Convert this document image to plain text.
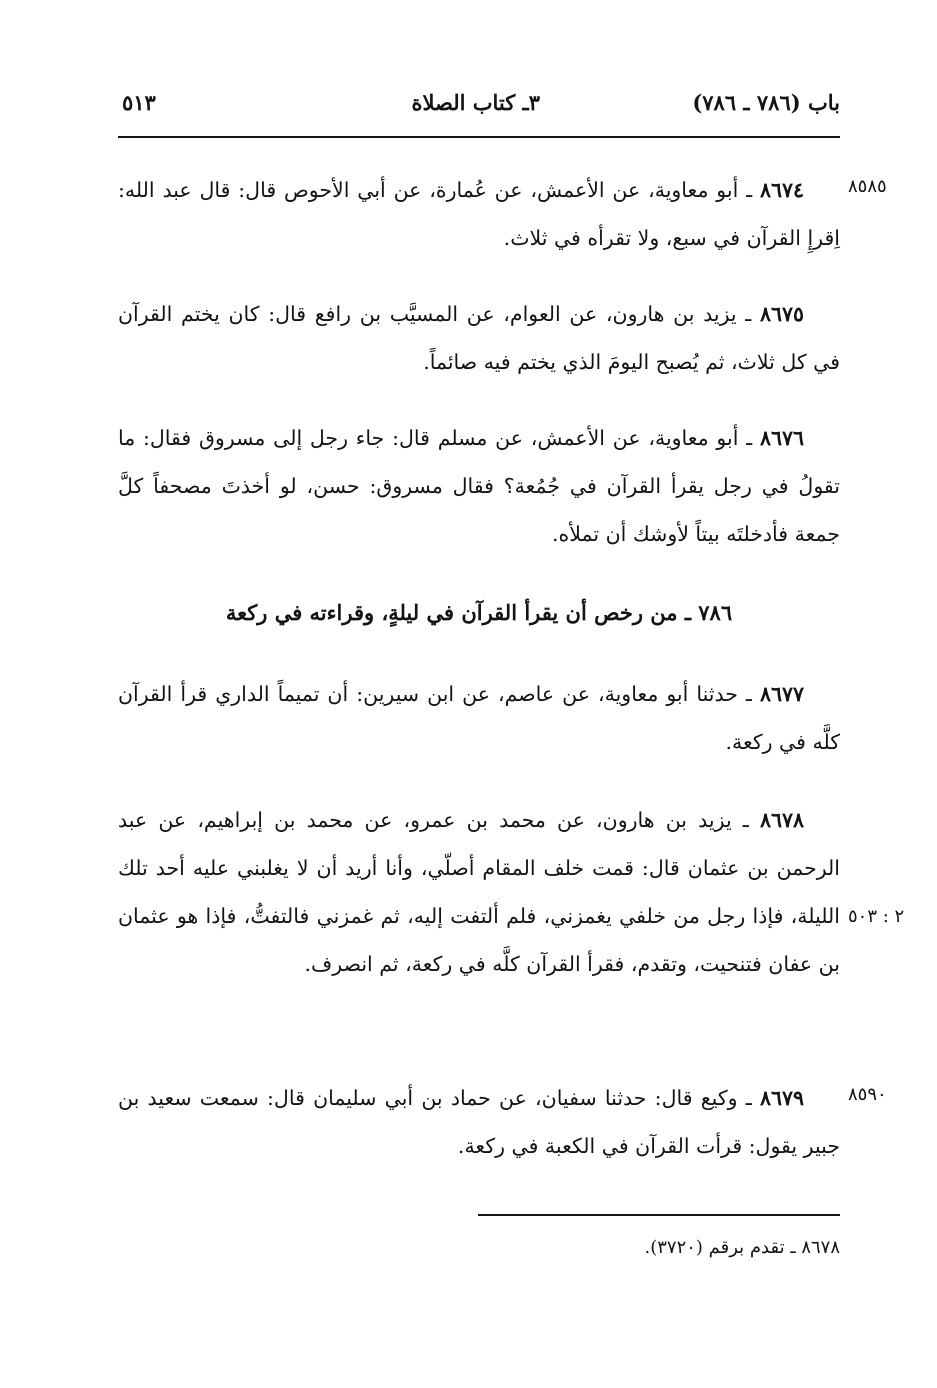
باب (٧٨٦ ـ ٧٨٦)
٣ـ كتاب الصلاة
٥١٣
٨٥٨٥
٢ : ٥٠٣
٨٥٩٠
٨٦٧٤ ـ أبو معاوية، عن الأعمش، عن عُمارة، عن أبي الأحوص قال: قال عبد الله: اِقرإِ القرآن في سبع، ولا تقرأه في ثلاث.
٨٦٧٥ ـ يزيد بن هارون، عن العوام، عن المسيَّب بن رافع قال: كان يختم القرآن في كل ثلاث، ثم يُصبح اليومَ الذي يختم فيه صائماً.
٨٦٧٦ ـ أبو معاوية، عن الأعمش، عن مسلم قال: جاء رجل إلى مسروق فقال: ما تقولُ في رجل يقرأ القرآن في جُمُعة؟ فقال مسروق: حسن، لو أخذتَ مصحفاً كلَّ جمعة فأدخلتَه بيتاً لأوشك أن تملأه.
٧٨٦ ـ من رخص أن يقرأ القرآن في ليلةٍ، وقراءته في ركعة
٨٦٧٧ ـ حدثنا أبو معاوية، عن عاصم، عن ابن سيرين: أن تميماً الداري قرأ القرآن كلَّه في ركعة.
٨٦٧٨ ـ يزيد بن هارون، عن محمد بن عمرو، عن محمد بن إبراهيم، عن عبد الرحمن بن عثمان قال: قمت خلف المقام أصلّي، وأنا أريد أن لا يغلبني عليه أحد تلك الليلة، فإذا رجل من خلفي يغمزني، فلم ألتفت إليه، ثم غمزني فالتفتُّ، فإذا هو عثمان بن عفان فتنحيت، وتقدم، فقرأ القرآن كلَّه في ركعة، ثم انصرف.
٨٦٧٩ ـ وكيع قال: حدثنا سفيان، عن حماد بن أبي سليمان قال: سمعت سعيد بن جبير يقول: قرأت القرآن في الكعبة في ركعة.
٨٦٧٨ ـ تقدم برقم (٣٧٢٠).
